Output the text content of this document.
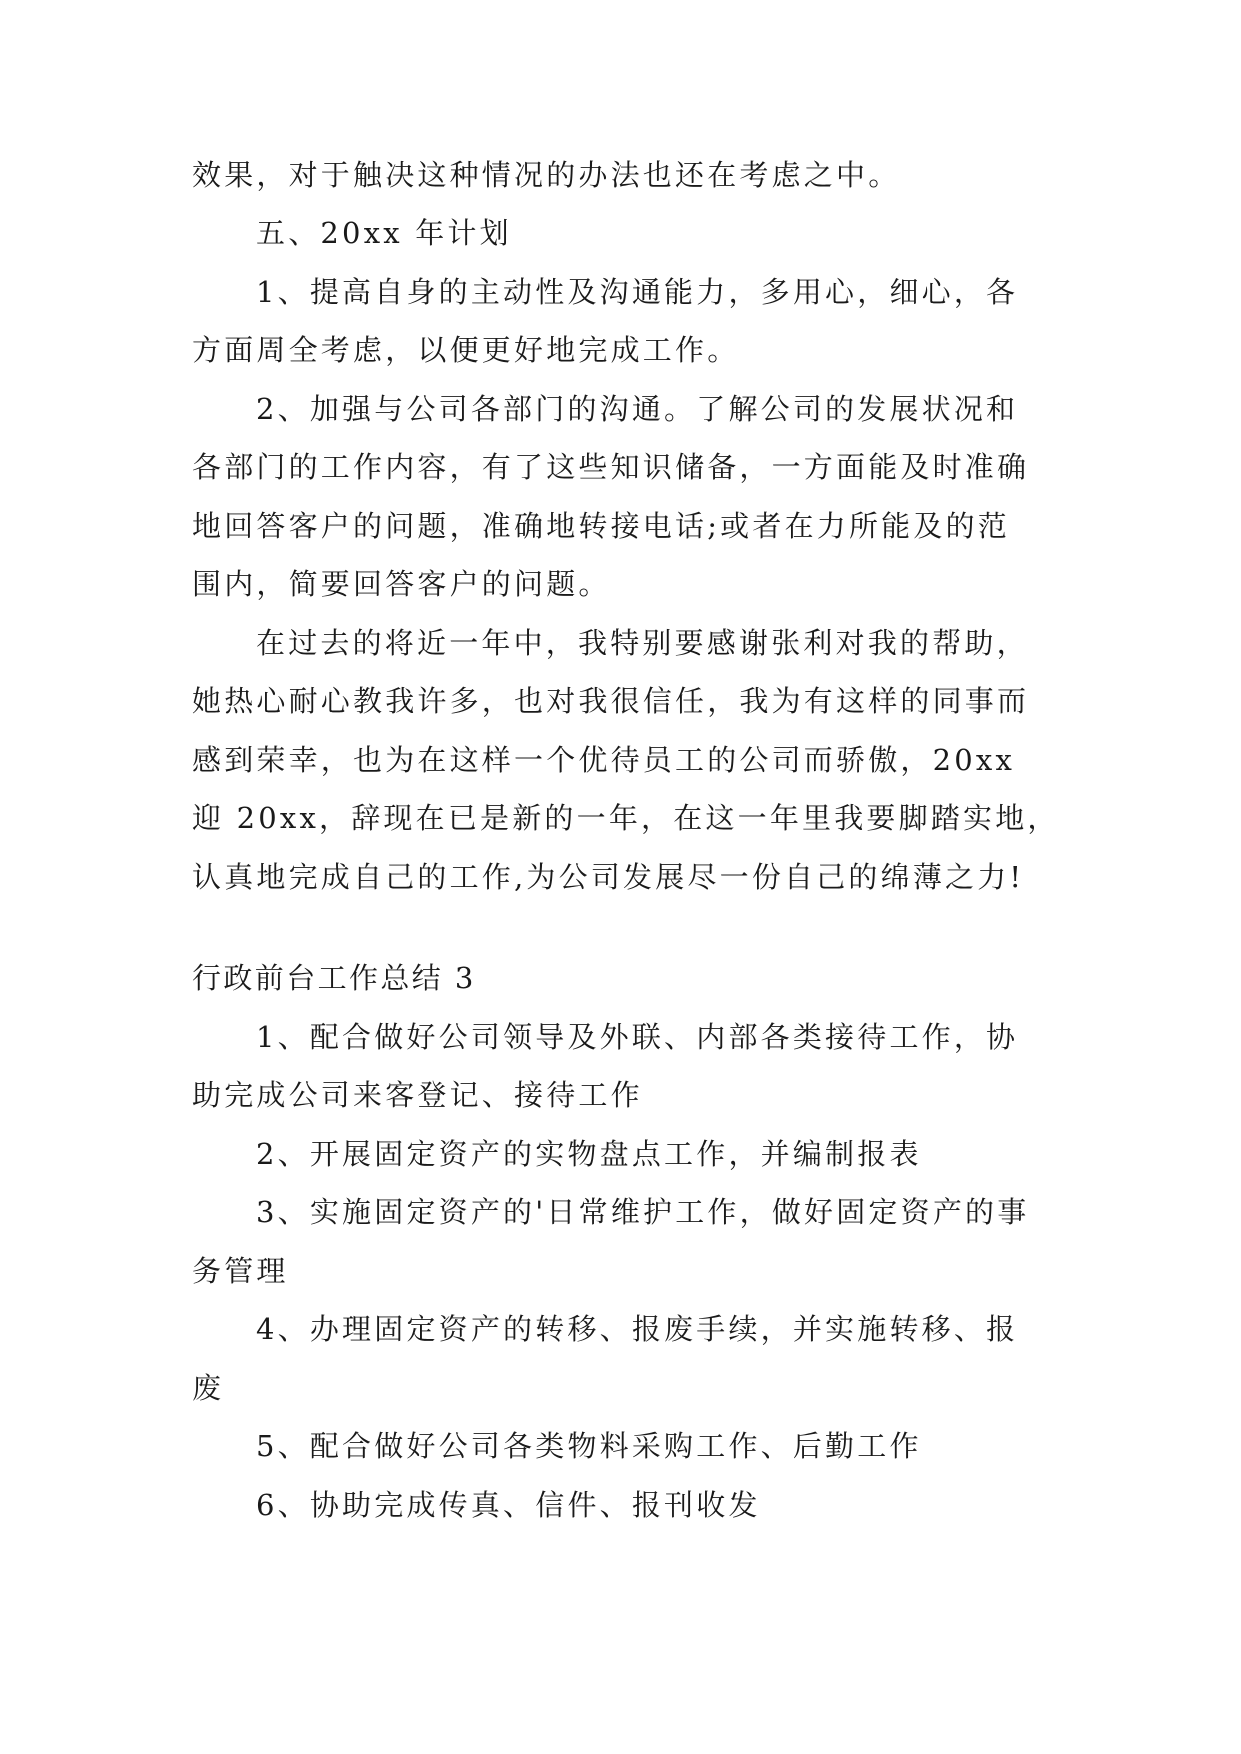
效果，对于触决这种情况的办法也还在考虑之中。
五、20xx 年计划
1、提高自身的主动性及沟通能力，多用心，细心，各
方面周全考虑，以便更好地完成工作。
2、加强与公司各部门的沟通。了解公司的发展状况和
各部门的工作内容，有了这些知识储备，一方面能及时准确
地回答客户的问题，准确地转接电话;或者在力所能及的范
围内，简要回答客户的问题。
在过去的将近一年中，我特别要感谢张利对我的帮助，
她热心耐心教我许多，也对我很信任，我为有这样的同事而
感到荣幸，也为在这样一个优待员工的公司而骄傲，20xx
迎 20xx，辞现在已是新的一年，在这一年里我要脚踏实地，
认真地完成自己的工作,为公司发展尽一份自己的绵薄之力!
行政前台工作总结 3
1、配合做好公司领导及外联、内部各类接待工作，协
助完成公司来客登记、接待工作
2、开展固定资产的实物盘点工作，并编制报表
3、实施固定资产的'日常维护工作，做好固定资产的事
务管理
4、办理固定资产的转移、报废手续，并实施转移、报
废
5、配合做好公司各类物料采购工作、后勤工作
6、协助完成传真、信件、报刊收发
